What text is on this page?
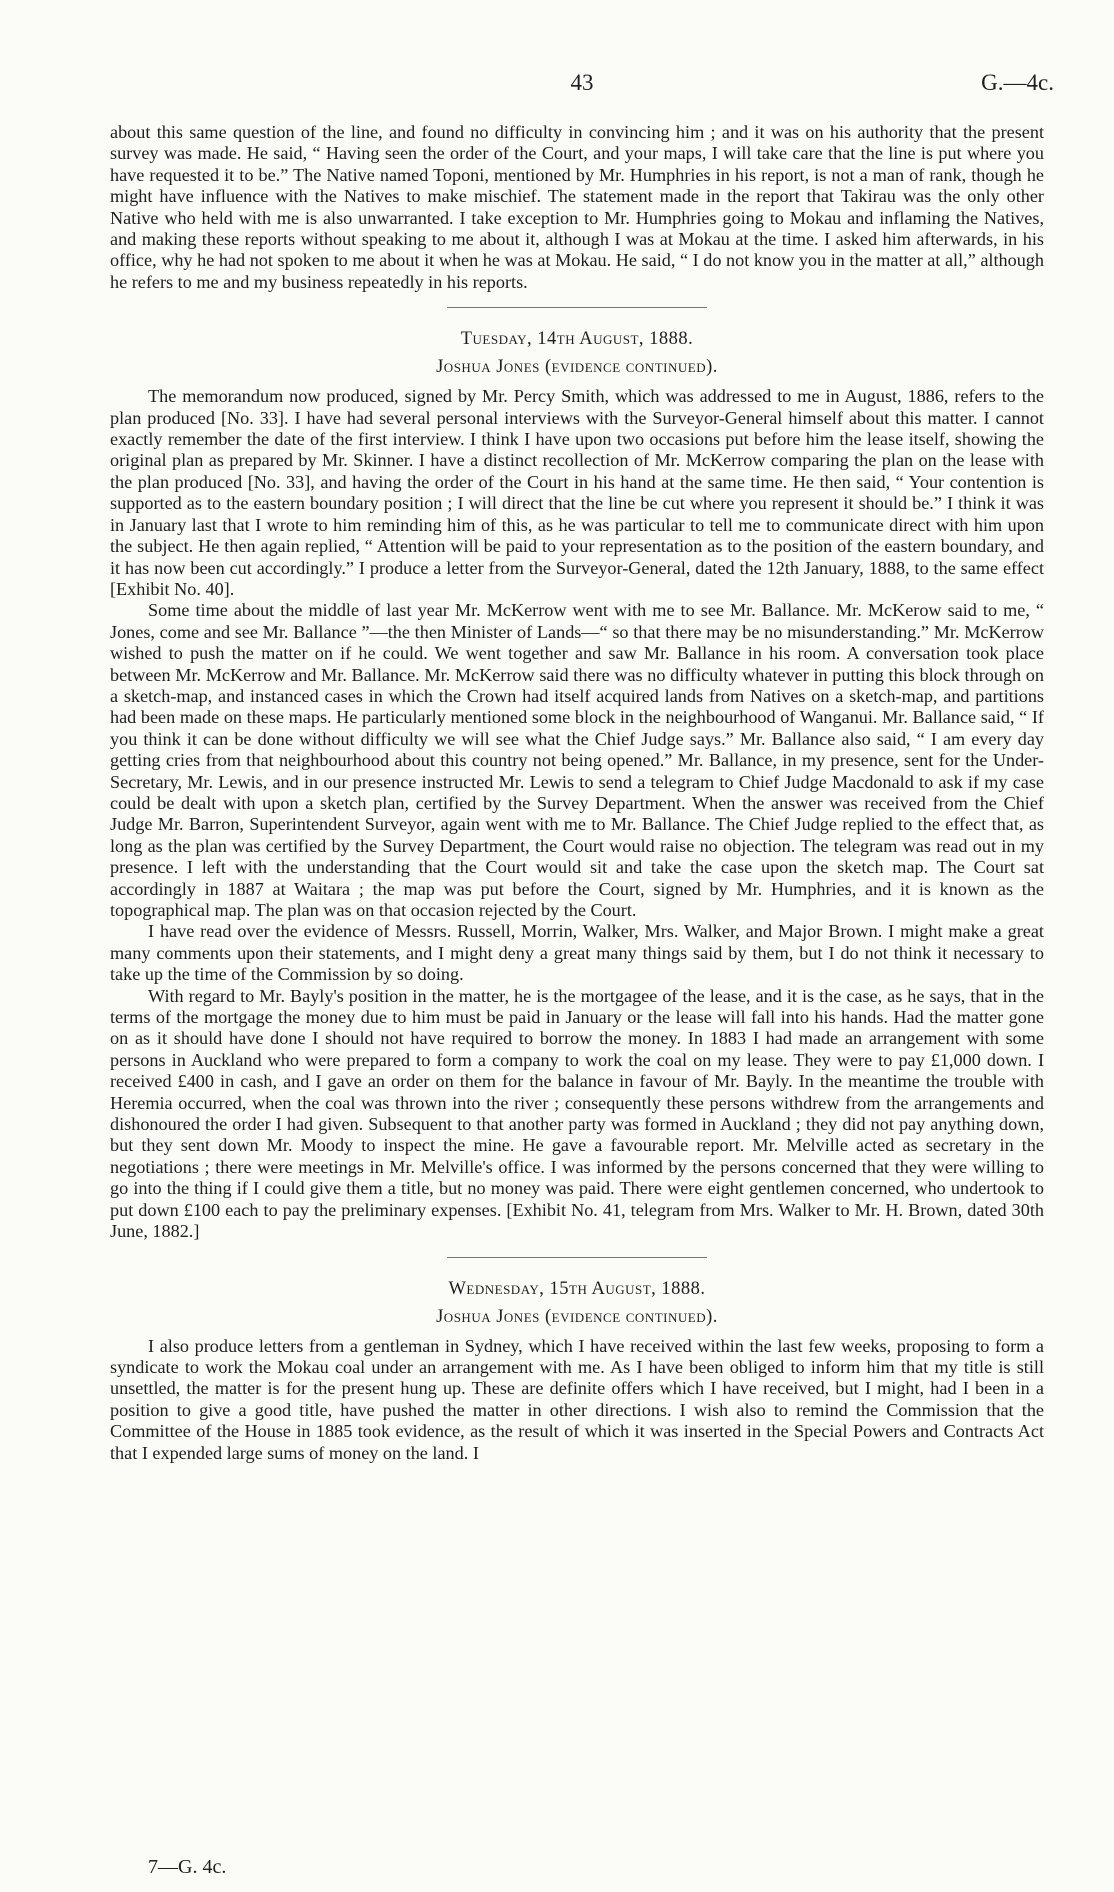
43	G.—4c.

about this same question of the line, and found no difficulty in convincing him ; and it was on his authority that the present survey was made. He said, “ Having seen the order of the Court, and your maps, I will take care that the line is put where you have requested it to be.” The Native named Toponi, mentioned by Mr. Humphries in his report, is not a man of rank, though he might have influence with the Natives to make mischief. The statement made in the report that Takirau was the only other Native who held with me is also unwarranted. I take exception to Mr. Humphries going to Mokau and inflaming the Natives, and making these reports without speaking to me about it, although I was at Mokau at the time. I asked him afterwards, in his office, why he had not spoken to me about it when he was at Mokau. He said, “ I do not know you in the matter at all,” although he refers to me and my business repeatedly in his reports.

Tuesday, 14th August, 1888.
Joshua Jones (evidence continued).

The memorandum now produced, signed by Mr. Percy Smith, which was addressed to me in August, 1886, refers to the plan produced [No. 33]. I have had several personal interviews with the Surveyor-General himself about this matter. I cannot exactly remember the date of the first interview. I think I have upon two occasions put before him the lease itself, showing the original plan as prepared by Mr. Skinner. I have a distinct recollection of Mr. McKerrow comparing the plan on the lease with the plan produced [No. 33], and having the order of the Court in his hand at the same time. He then said, “ Your contention is supported as to the eastern boundary position ; I will direct that the line be cut where you represent it should be.” I think it was in January last that I wrote to him reminding him of this, as he was particular to tell me to communicate direct with him upon the subject. He then again replied, “ Attention will be paid to your representation as to the position of the eastern boundary, and it has now been cut accordingly.” I produce a letter from the Surveyor-General, dated the 12th January, 1888, to the same effect [Exhibit No. 40].

Some time about the middle of last year Mr. McKerrow went with me to see Mr. Ballance. Mr. McKerow said to me, “ Jones, come and see Mr. Ballance ”—the then Minister of Lands—“ so that there may be no misunderstanding.” Mr. McKerrow wished to push the matter on if he could. We went together and saw Mr. Ballance in his room. A conversation took place between Mr. McKerrow and Mr. Ballance. Mr. McKerrow said there was no difficulty whatever in putting this block through on a sketch-map, and instanced cases in which the Crown had itself acquired lands from Natives on a sketch-map, and partitions had been made on these maps. He particularly mentioned some block in the neighbourhood of Wanganui. Mr. Ballance said, “ If you think it can be done without difficulty we will see what the Chief Judge says.” Mr. Ballance also said, “ I am every day getting cries from that neighbourhood about this country not being opened.” Mr. Ballance, in my presence, sent for the Under-Secretary, Mr. Lewis, and in our presence instructed Mr. Lewis to send a telegram to Chief Judge Macdonald to ask if my case could be dealt with upon a sketch plan, certified by the Survey Department. When the answer was received from the Chief Judge Mr. Barron, Superintendent Surveyor, again went with me to Mr. Ballance. The Chief Judge replied to the effect that, as long as the plan was certified by the Survey Department, the Court would raise no objection. The telegram was read out in my presence. I left with the understanding that the Court would sit and take the case upon the sketch map. The Court sat accordingly in 1887 at Waitara ; the map was put before the Court, signed by Mr. Humphries, and it is known as the topographical map. The plan was on that occasion rejected by the Court.

I have read over the evidence of Messrs. Russell, Morrin, Walker, Mrs. Walker, and Major Brown. I might make a great many comments upon their statements, and I might deny a great many things said by them, but I do not think it necessary to take up the time of the Commission by so doing.

With regard to Mr. Bayly's position in the matter, he is the mortgagee of the lease, and it is the case, as he says, that in the terms of the mortgage the money due to him must be paid in January or the lease will fall into his hands. Had the matter gone on as it should have done I should not have required to borrow the money. In 1883 I had made an arrangement with some persons in Auckland who were prepared to form a company to work the coal on my lease. They were to pay £1,000 down. I received £400 in cash, and I gave an order on them for the balance in favour of Mr. Bayly. In the meantime the trouble with Heremia occurred, when the coal was thrown into the river ; consequently these persons withdrew from the arrangements and dishonoured the order I had given. Subsequent to that another party was formed in Auckland ; they did not pay anything down, but they sent down Mr. Moody to inspect the mine. He gave a favourable report. Mr. Melville acted as secretary in the negotiations ; there were meetings in Mr. Melville's office. I was informed by the persons concerned that they were willing to go into the thing if I could give them a title, but no money was paid. There were eight gentlemen concerned, who undertook to put down £100 each to pay the preliminary expenses. [Exhibit No. 41, telegram from Mrs. Walker to Mr. H. Brown, dated 30th June, 1882.]

Wednesday, 15th August, 1888.
Joshua Jones (evidence continued).

I also produce letters from a gentleman in Sydney, which I have received within the last few weeks, proposing to form a syndicate to work the Mokau coal under an arrangement with me. As I have been obliged to inform him that my title is still unsettled, the matter is for the present hung up. These are definite offers which I have received, but I might, had I been in a position to give a good title, have pushed the matter in other directions. I wish also to remind the Commission that the Committee of the House in 1885 took evidence, as the result of which it was inserted in the Special Powers and Contracts Act that I expended large sums of money on the land. I

7—G. 4c.
